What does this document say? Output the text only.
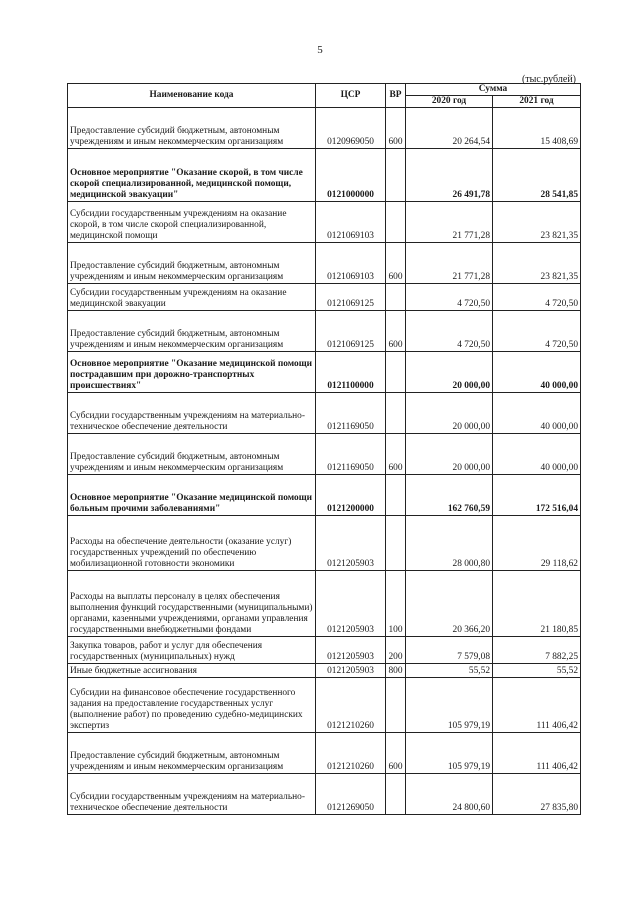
5
(тыс.рублей)
Наименование кода	ЦСР	ВР	Сумма	
			2020 год	2021 год
Предоставление субсидий бюджетным, автономным учреждениям и иным некоммерческим организациям	0120969050	600	20 264,54	15 408,69
Основное мероприятие "Оказание скорой, в том числе скорой специализированной, медицинской помощи, медицинской эвакуации"	0121000000		26 491,78	28 541,85
Субсидии государственным учреждениям на оказание скорой, в том числе скорой специализированной, медицинской помощи	0121069103		21 771,28	23 821,35
Предоставление субсидий бюджетным, автономным учреждениям и иным некоммерческим организациям	0121069103	600	21 771,28	23 821,35
Субсидии государственным учреждениям на оказание медицинской эвакуации	0121069125		4 720,50	4 720,50
Предоставление субсидий бюджетным, автономным учреждениям и иным некоммерческим организациям	0121069125	600	4 720,50	4 720,50
Основное мероприятие "Оказание медицинской помощи пострадавшим при дорожно-транспортных происшествиях"	0121100000		20 000,00	40 000,00
Субсидии государственным учреждениям на материально-техническое обеспечение деятельности	0121169050		20 000,00	40 000,00
Предоставление субсидий бюджетным, автономным учреждениям и иным некоммерческим организациям	0121169050	600	20 000,00	40 000,00
Основное мероприятие "Оказание медицинской помощи больным прочими заболеваниями"	0121200000		162 760,59	172 516,04
Расходы на обеспечение деятельности (оказание услуг) государственных учреждений по обеспечению мобилизационной готовности экономики	0121205903		28 000,80	29 118,62
Расходы на выплаты персоналу в целях обеспечения выполнения функций государственными (муниципальными) органами, казенными учреждениями, органами управления государственными внебюджетными фондами	0121205903	100	20 366,20	21 180,85
Закупка товаров, работ и услуг для обеспечения государственных (муниципальных) нужд	0121205903	200	7 579,08	7 882,25
Иные бюджетные ассигнования	0121205903	800	55,52	55,52
Субсидии на финансовое обеспечение государственного задания на предоставление государственных услуг (выполнение работ) по проведению судебно-медицинских экспертиз	0121210260		105 979,19	111 406,42
Предоставление субсидий бюджетным, автономным учреждениям и иным некоммерческим организациям	0121210260	600	105 979,19	111 406,42
Субсидии государственным учреждениям на материально-техническое обеспечение деятельности	0121269050		24 800,60	27 835,80
